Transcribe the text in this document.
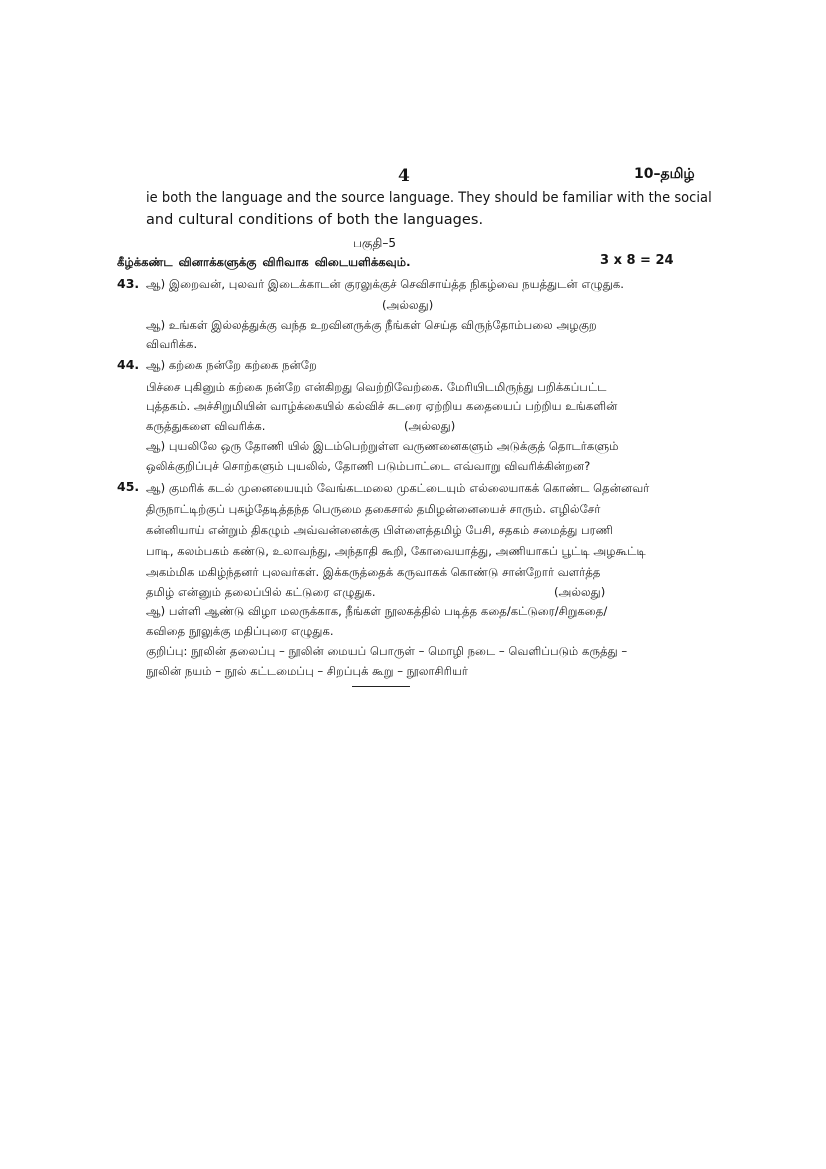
4	10–தமிழ்
ie both the language and the source language. They should be familiar with the social
and cultural conditions of both the languages.
பகுதி–5
கீழ்க்கண்ட வினாக்களுக்கு விரிவாக விடையளிக்கவும்.	3 x 8 = 24
43. ஆ) இறைவன், புலவர் இடைக்காடன் குரலுக்குச் செவிசாய்த்த நிகழ்வை நயத்துடன் எழுதுக.
(அல்லது)
ஆ) உங்கள் இல்லத்துக்கு வந்த உறவினருக்கு நீங்கள் செய்த விருந்தோம்பலை அழகுற
விவரிக்க.
44. ஆ) கற்கை நன்றே கற்கை நன்றே
பிச்சை புகினும் கற்கை நன்றே என்கிறது வெற்றிவேற்கை. மேரியிடமிருந்து பறிக்கப்பட்ட
புத்தகம். அச்சிறுமியின் வாழ்க்கையில் கல்விச் சுடரை ஏற்றிய கதையைப் பற்றிய உங்களின்
கருத்துகளை விவரிக்க.	(அல்லது)
ஆ) புயலிலே ஒரு தோணி யில் இடம்பெற்றுள்ள வருணனைகளும் அடுக்குத் தொடர்களும்
ஒலிக்குறிப்புச் சொற்களும் புயலில், தோணி படும்பாட்டை எவ்வாறு விவரிக்கின்றன?
45. ஆ) குமரிக் கடல் முனையையும் வேங்கடமலை முகட்டையும் எல்லையாகக் கொண்ட தென்னவர்
திருநாட்டிற்குப் புகழ்தேடித்தந்த பெருமை தகைசால் தமிழன்னையைச் சாரும். எழில்சேர்
கன்னியாய் என்றும் திகழும் அவ்வன்னைக்கு பிள்ளைத்தமிழ் பேசி, சதகம் சமைத்து பரணி
பாடி, கலம்பகம் கண்டு, உலாவந்து, அந்தாதி கூறி, கோவையாத்து, அணியாகப் பூட்டி அழகூட்டி
அகம்மிக மகிழ்ந்தனர் புலவர்கள். இக்கருத்தைக் கருவாகக் கொண்டு சான்றோர் வளர்த்த
தமிழ் என்னும் தலைப்பில் கட்டுரை எழுதுக.	(அல்லது)
ஆ) பள்ளி ஆண்டு விழா மலருக்காக, நீங்கள் நூலகத்தில் படித்த கதை/கட்டுரை/சிறுகதை/
கவிதை நூலுக்கு மதிப்புரை எழுதுக.
குறிப்பு: நூலின் தலைப்பு – நூலின் மையப் பொருள் – மொழி நடை – வெளிப்படும் கருத்து –
நூலின் நயம் – நூல் கட்டமைப்பு – சிறப்புக் கூறு – நூலாசிரியர்
